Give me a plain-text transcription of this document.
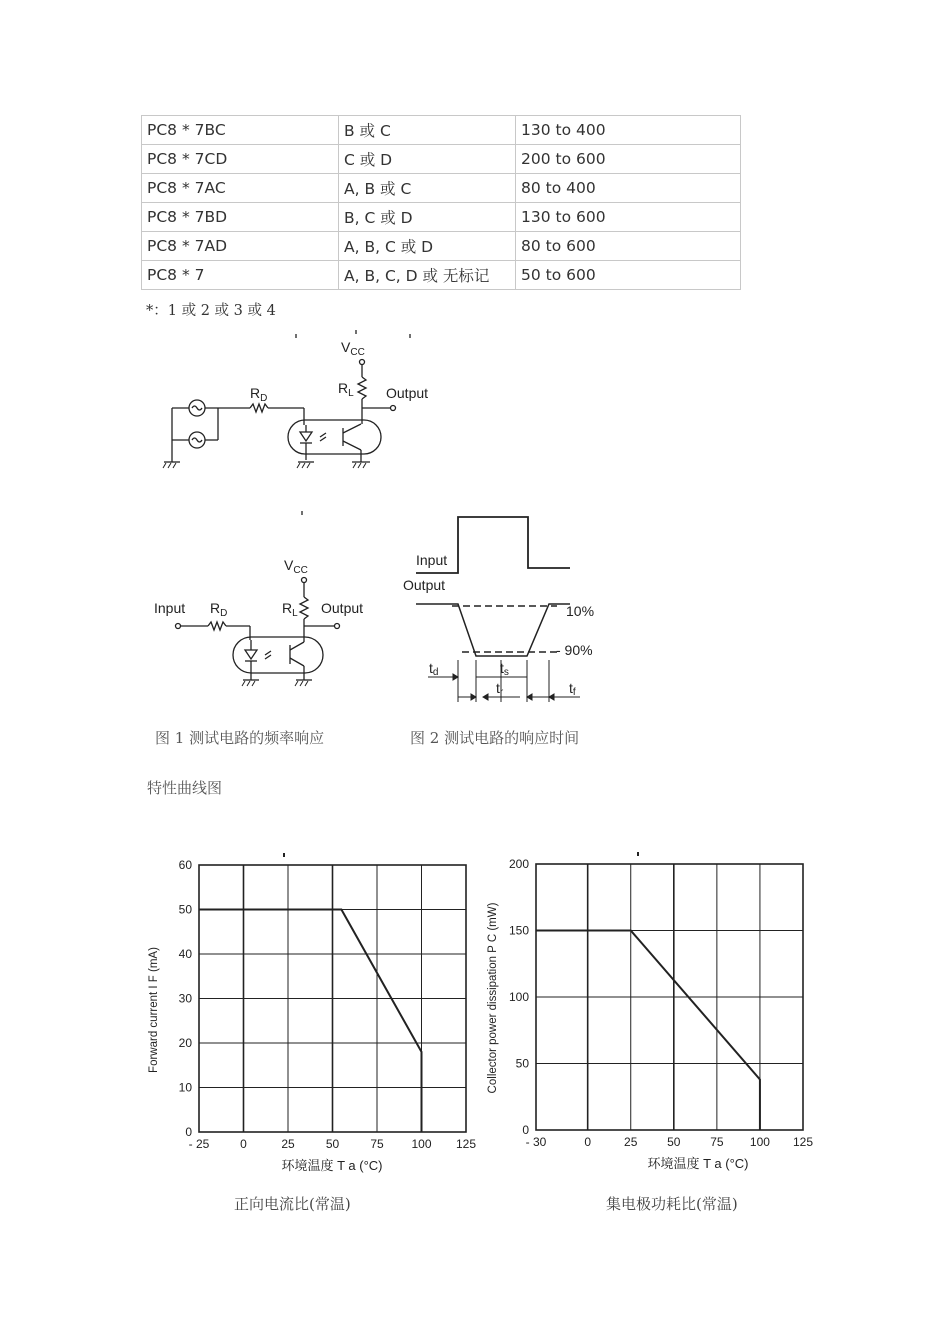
PC8 * 7BC	B 或 C	130 to 400
PC8 * 7CD	C 或 D	200 to 600
PC8 * 7AC	A, B 或 C	80 to 400
PC8 * 7BD	B, C 或 D	130 to 600
PC8 * 7AD	A, B, C 或 D	80 to 600
PC8 * 7	A, B, C, D 或 无标记	50 to 600
*：1 或 2 或 3 或 4
$V_{CC}$
$R_D$
$R_L$ Output
$V_{CC}$
Input $R_D$	$R_L$ Output
Input
Output
10%
- 90%
td	ts
tr	tf
图 1 测试电路的频率响应	图 2 测试电路的响应时间
特性曲线图
- 25	0	25	50	75 100 125
0
10
20
30
40
50
60
Forward current I F (mA)
环境温度 T a (°C)
- 30	0	25 50 75 100 125
0
50
100
150
200
Collector power dissipation P C (mW)
环境温度 T a (°C)
正向电流比(常温)	集电极功耗比(常温)
